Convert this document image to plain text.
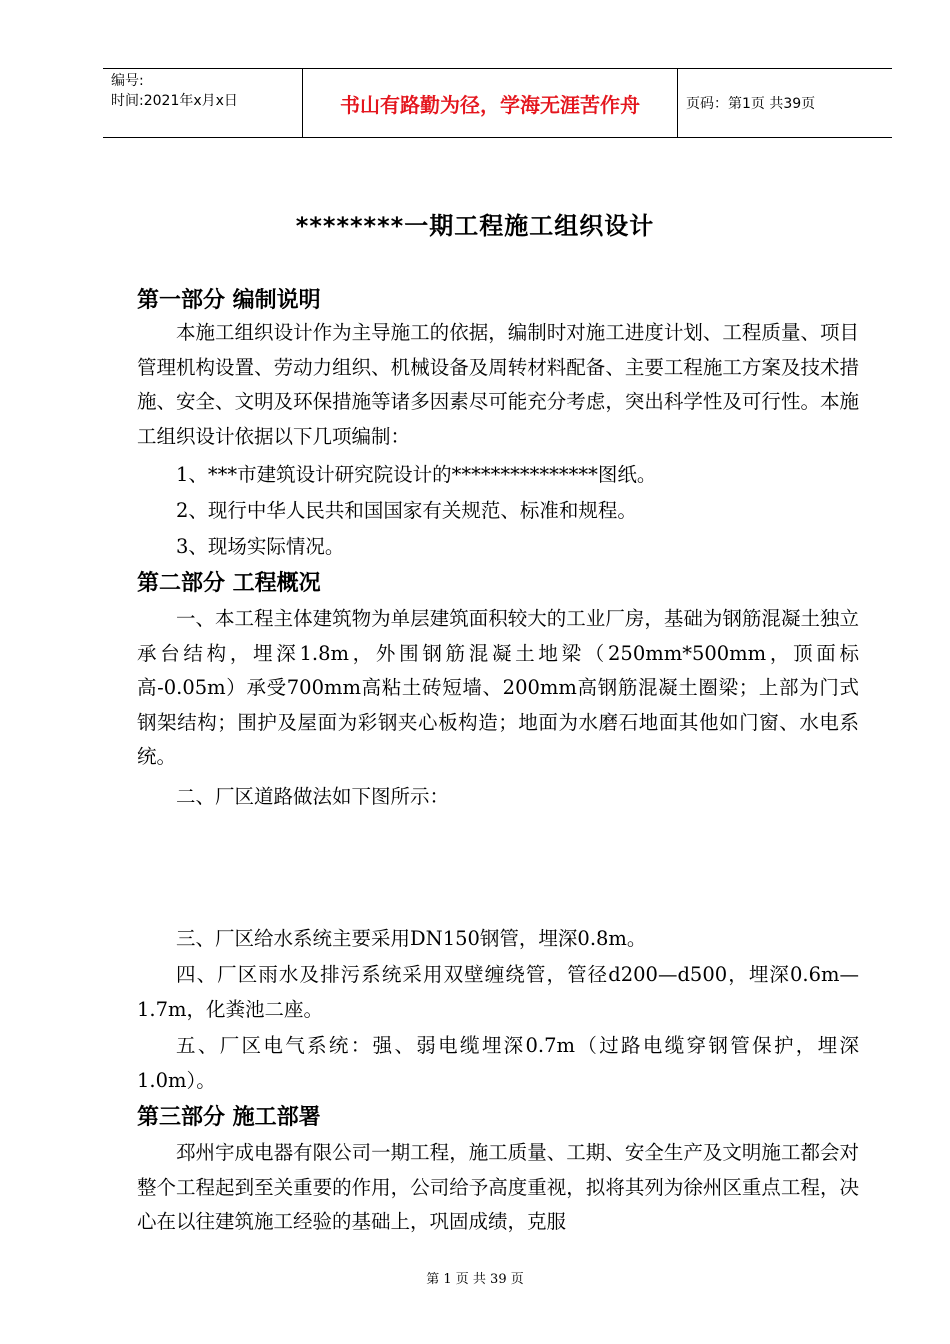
编号:
时间:2021年x月x日	书山有路勤为径，学海无涯苦作舟	页码：第1页 共39页
********一期工程施工组织设计
第一部分 编制说明
本施工组织设计作为主导施工的依据，编制时对施工进度计划、工程质量、项目管理机构设置、劳动力组织、机械设备及周转材料配备、主要工程施工方案及技术措施、安全、文明及环保措施等诸多因素尽可能充分考虑，突出科学性及可行性。本施工组织设计依据以下几项编制：
1、***市建筑设计研究院设计的***************图纸。
2、现行中华人民共和国国家有关规范、标准和规程。
3、现场实际情况。
第二部分 工程概况
一、本工程主体建筑物为单层建筑面积较大的工业厂房，基础为钢筋混凝土独立承台结构，埋深1.8m，外围钢筋混凝土地梁（250mm*500mm，顶面标高-0.05m）承受700mm高粘土砖短墙、200mm高钢筋混凝土圈梁；上部为门式钢架结构；围护及屋面为彩钢夹心板构造；地面为水磨石地面其他如门窗、水电系统。
二、厂区道路做法如下图所示：
三、厂区给水系统主要采用DN150钢管，埋深0.8m。
四、厂区雨水及排污系统采用双壁缠绕管，管径d200—d500，埋深0.6m—1.7m，化粪池二座。
五、厂区电气系统：强、弱电缆埋深0.7m（过路电缆穿钢管保护，埋深1.0m）。
第三部分 施工部署
邳州宇成电器有限公司一期工程，施工质量、工期、安全生产及文明施工都会对整个工程起到至关重要的作用，公司给予高度重视，拟将其列为徐州区重点工程，决心在以往建筑施工经验的基础上，巩固成绩，克服
第 1 页 共 39 页
